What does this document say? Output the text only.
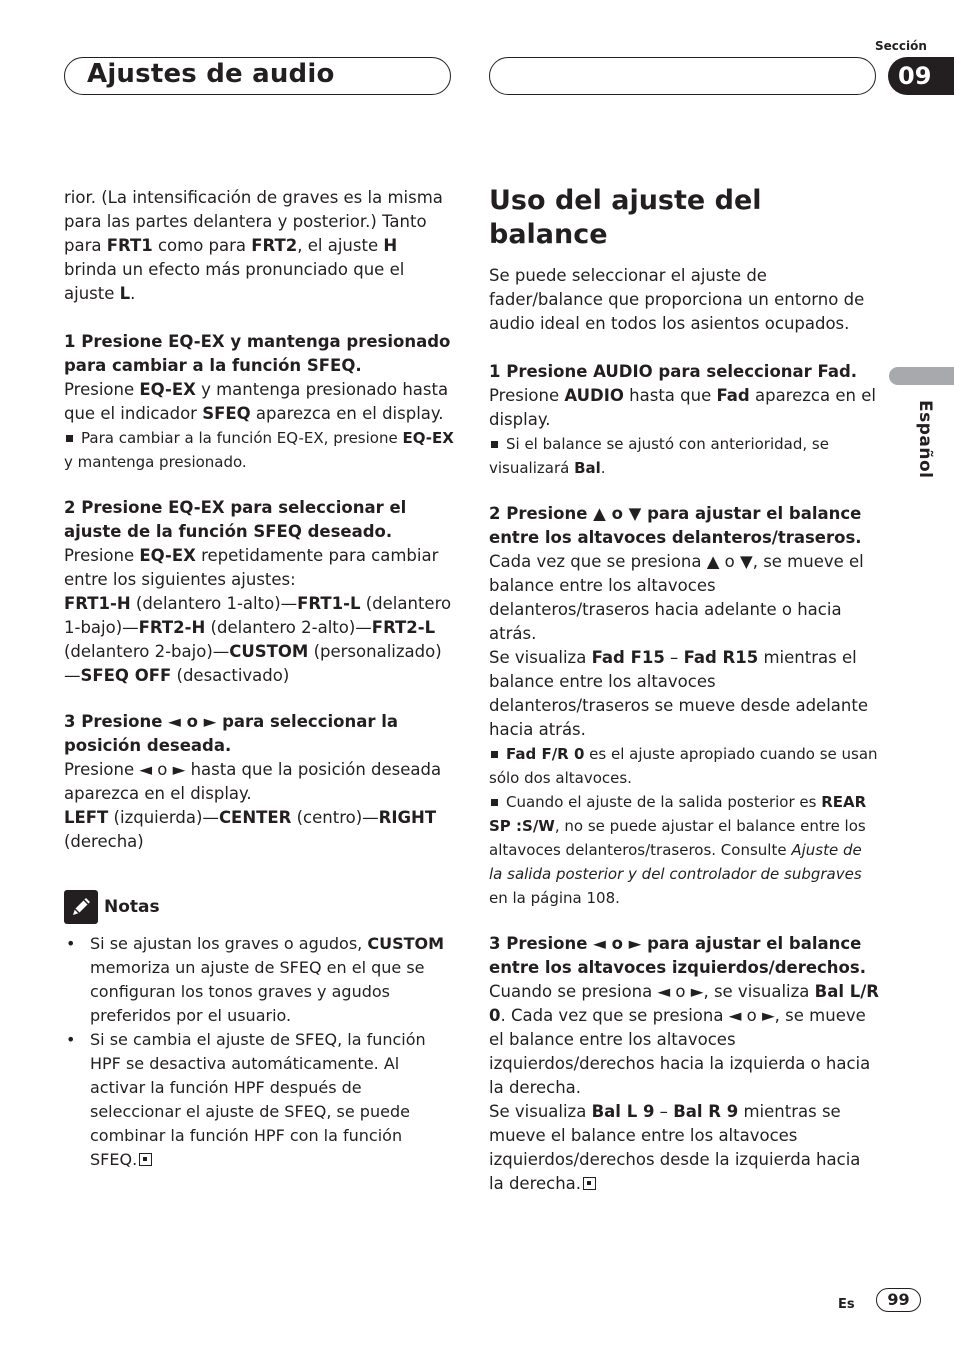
Ajustes de audio
Sección
09
Español

rior. (La intensificación de graves es la misma para las partes delantera y posterior.) Tanto para FRT1 como para FRT2, el ajuste H brinda un efecto más pronunciado que el ajuste L.

1 Presione EQ-EX y mantenga presionado para cambiar a la función SFEQ.

Presione EQ-EX y mantenga presionado hasta que el indicador SFEQ aparezca en el display.

Para cambiar a la función EQ-EX, presione EQ-EX y mantenga presionado.

2 Presione EQ-EX para seleccionar el ajuste de la función SFEQ deseado.

Presione EQ-EX repetidamente para cambiar entre los siguientes ajustes:

FRT1-H (delantero 1-alto)—FRT1-L (delantero 1-bajo)—FRT2-H (delantero 2-alto)—FRT2-L (delantero 2-bajo)—CUSTOM (personalizado)—SFEQ OFF (desactivado)

3 Presione ◄ o ► para seleccionar la posición deseada.

Presione ◄ o ► hasta que la posición deseada aparezca en el display.

LEFT (izquierda)—CENTER (centro)—RIGHT (derecha)

Notas
• Si se ajustan los graves o agudos, CUSTOM memoriza un ajuste de SFEQ en el que se configuran los tonos graves y agudos preferidos por el usuario.
• Si se cambia el ajuste de SFEQ, la función HPF se desactiva automáticamente. Al activar la función HPF después de seleccionar el ajuste de SFEQ, se puede combinar la función HPF con la función SFEQ.

Uso del ajuste del balance

Se puede seleccionar el ajuste de fader/balance que proporciona un entorno de audio ideal en todos los asientos ocupados.

1 Presione AUDIO para seleccionar Fad.

Presione AUDIO hasta que Fad aparezca en el display.

Si el balance se ajustó con anterioridad, se visualizará Bal.

2 Presione ▲ o ▼ para ajustar el balance entre los altavoces delanteros/traseros.

Cada vez que se presiona ▲ o ▼, se mueve el balance entre los altavoces delanteros/traseros hacia adelante o hacia atrás.

Se visualiza Fad F15 – Fad R15 mientras el balance entre los altavoces delanteros/traseros se mueve desde adelante hacia atrás.

Fad F/R 0 es el ajuste apropiado cuando se usan sólo dos altavoces.

Cuando el ajuste de la salida posterior es REAR SP :S/W, no se puede ajustar el balance entre los altavoces delanteros/traseros. Consulte Ajuste de la salida posterior y del controlador de subgraves en la página 108.

3 Presione ◄ o ► para ajustar el balance entre los altavoces izquierdos/derechos.

Cuando se presiona ◄ o ►, se visualiza Bal L/R 0. Cada vez que se presiona ◄ o ►, se mueve el balance entre los altavoces izquierdos/derechos hacia la izquierda o hacia la derecha.

Se visualiza Bal L 9 – Bal R 9 mientras se mueve el balance entre los altavoces izquierdos/derechos desde la izquierda hacia la derecha.

Es	99
